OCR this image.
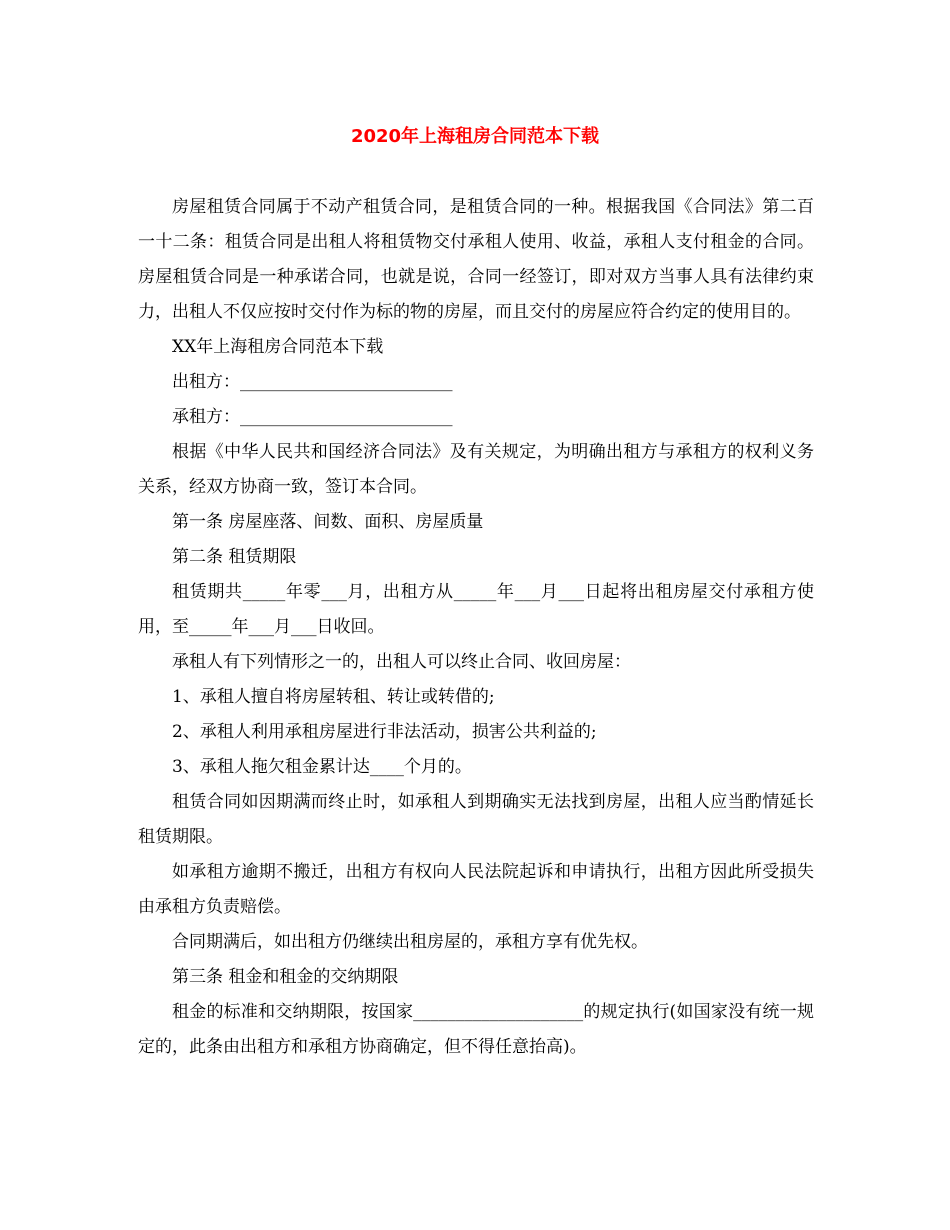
2020年上海租房合同范本下载

房屋租赁合同属于不动产租赁合同，是租赁合同的一种。根据我国《合同法》第二百一十二条：租赁合同是出租人将租赁物交付承租人使用、收益，承租人支付租金的合同。房屋租赁合同是一种承诺合同，也就是说，合同一经签订，即对双方当事人具有法律约束力，出租人不仅应按时交付作为标的物的房屋，而且交付的房屋应符合约定的使用目的。

XX年上海租房合同范本下载

出租方：_________________________

承租方：_________________________

根据《中华人民共和国经济合同法》及有关规定，为明确出租方与承租方的权利义务关系，经双方协商一致，签订本合同。

第一条 房屋座落、间数、面积、房屋质量

第二条 租赁期限

租赁期共_____年零___月，出租方从_____年___月___日起将出租房屋交付承租方使用，至_____年___月___日收回。

承租人有下列情形之一的，出租人可以终止合同、收回房屋：

1、承租人擅自将房屋转租、转让或转借的;

2、承租人利用承租房屋进行非法活动，损害公共利益的;

3、承租人拖欠租金累计达____个月的。

租赁合同如因期满而终止时，如承租人到期确实无法找到房屋，出租人应当酌情延长租赁期限。

如承租方逾期不搬迁，出租方有权向人民法院起诉和申请执行，出租方因此所受损失由承租方负责赔偿。

合同期满后，如出租方仍继续出租房屋的，承租方享有优先权。

第三条 租金和租金的交纳期限

租金的标准和交纳期限，按国家____________________的规定执行(如国家没有统一规定的，此条由出租方和承租方协商确定，但不得任意抬高)。
